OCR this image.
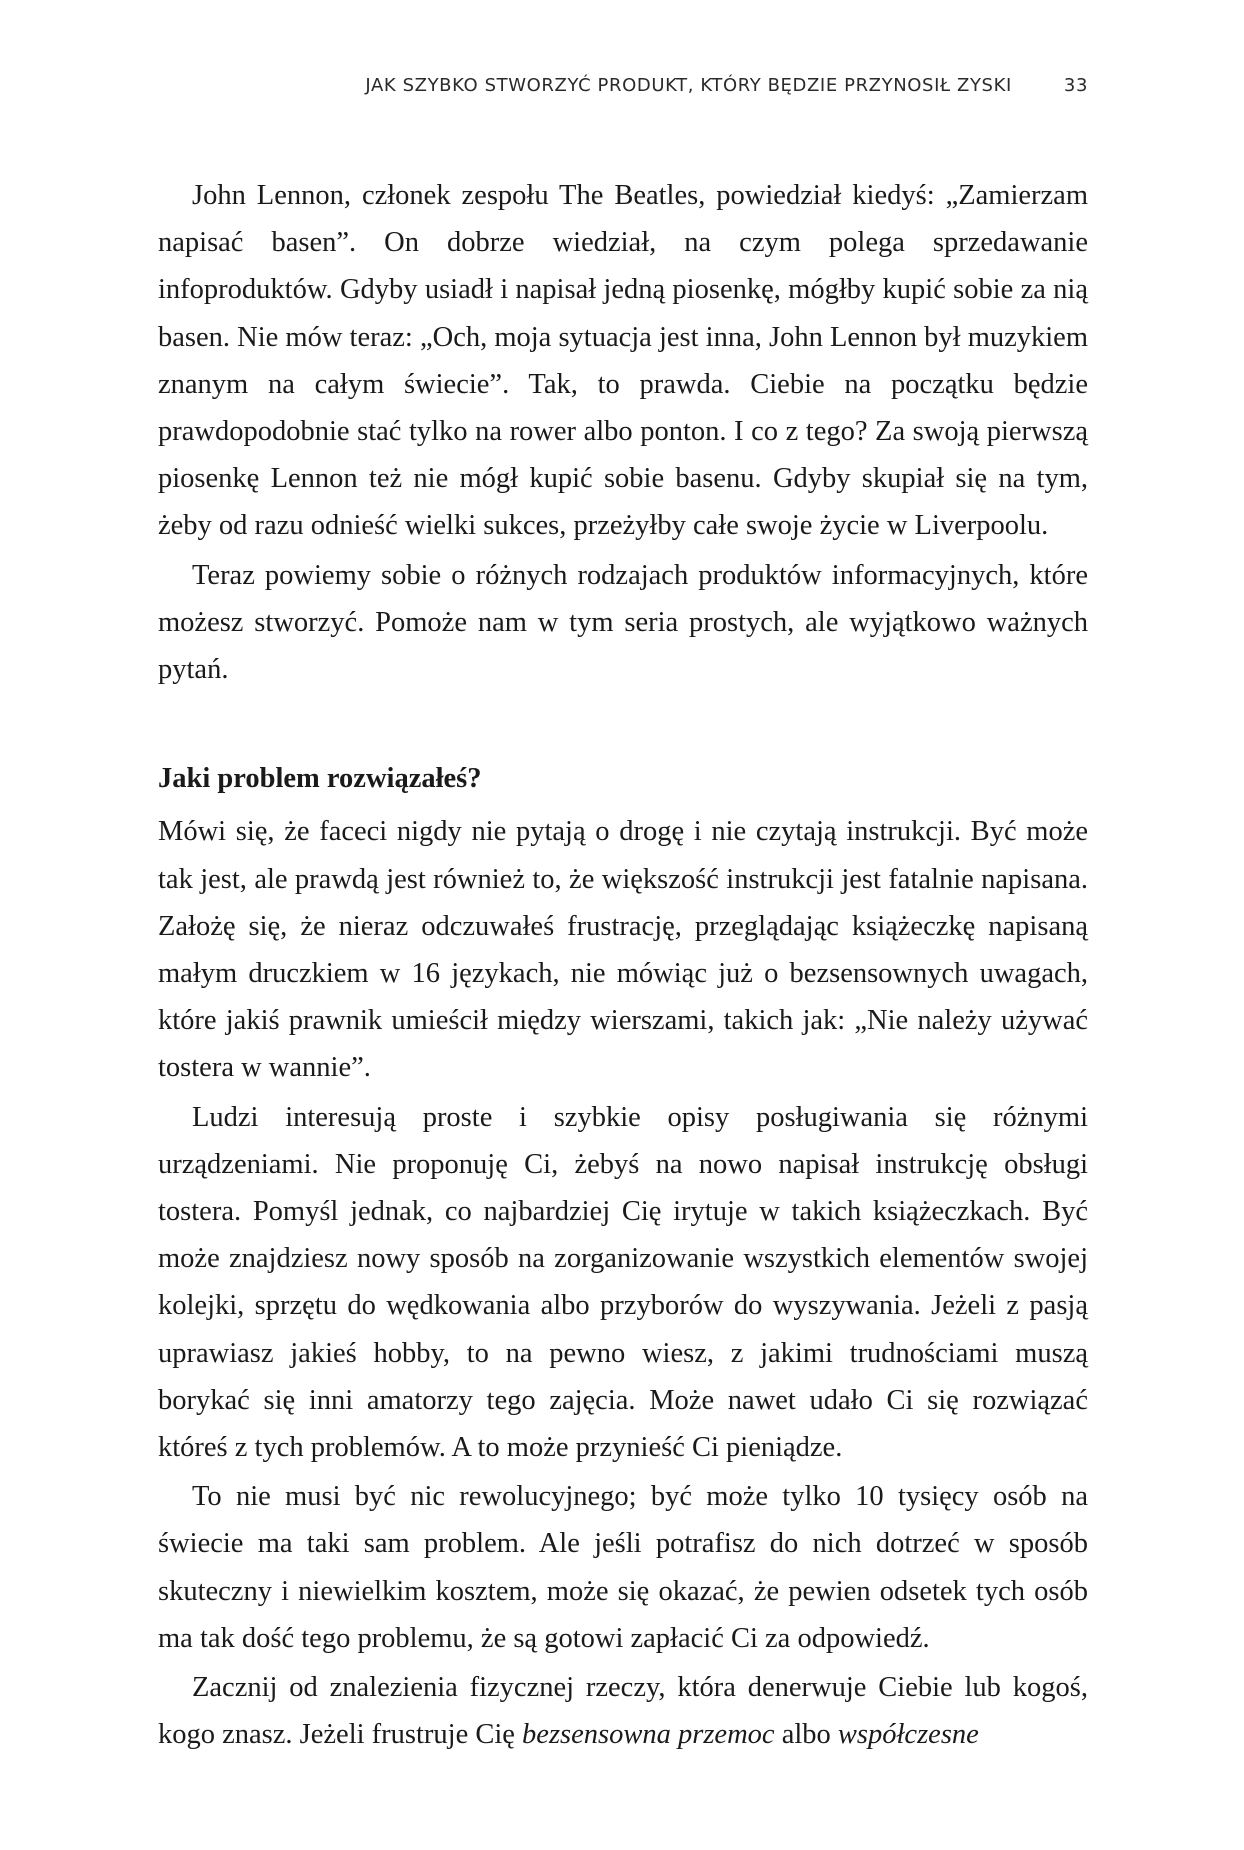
JAK SZYBKO STWORZYĆ PRODUKT, KTÓRY BĘDZIE PRZYNOSIŁ ZYSKI	33

John Lennon, członek zespołu The Beatles, powiedział kiedyś: „Zamierzam napisać basen”. On dobrze wiedział, na czym polega sprzedawanie infoproduktów. Gdyby usiadł i napisał jedną piosenkę, mógłby kupić sobie za nią basen. Nie mów teraz: „Och, moja sytuacja jest inna, John Lennon był muzykiem znanym na całym świecie”. Tak, to prawda. Ciebie na początku będzie prawdopodobnie stać tylko na rower albo ponton. I co z tego? Za swoją pierwszą piosenkę Lennon też nie mógł kupić sobie basenu. Gdyby skupiał się na tym, żeby od razu odnieść wielki sukces, przeżyłby całe swoje życie w Liverpoolu.

Teraz powiemy sobie o różnych rodzajach produktów informacyjnych, które możesz stworzyć. Pomoże nam w tym seria prostych, ale wyjątkowo ważnych pytań.

Jaki problem rozwiązałeś?

Mówi się, że faceci nigdy nie pytają o drogę i nie czytają instrukcji. Być może tak jest, ale prawdą jest również to, że większość instrukcji jest fatalnie napisana. Założę się, że nieraz odczuwałeś frustrację, przeglądając książeczkę napisaną małym druczkiem w 16 językach, nie mówiąc już o bezsensownych uwagach, które jakiś prawnik umieścił między wierszami, takich jak: „Nie należy używać tostera w wannie”.

Ludzi interesują proste i szybkie opisy posługiwania się różnymi urządzeniami. Nie proponuję Ci, żebyś na nowo napisał instrukcję obsługi tostera. Pomyśl jednak, co najbardziej Cię irytuje w takich książeczkach. Być może znajdziesz nowy sposób na zorganizowanie wszystkich elementów swojej kolejki, sprzętu do wędkowania albo przyborów do wyszywania. Jeżeli z pasją uprawiasz jakieś hobby, to na pewno wiesz, z jakimi trudnościami muszą borykać się inni amatorzy tego zajęcia. Może nawet udało Ci się rozwiązać któreś z tych problemów. A to może przynieść Ci pieniądze.

To nie musi być nic rewolucyjnego; być może tylko 10 tysięcy osób na świecie ma taki sam problem. Ale jeśli potrafisz do nich dotrzeć w sposób skuteczny i niewielkim kosztem, może się okazać, że pewien odsetek tych osób ma tak dość tego problemu, że są gotowi zapłacić Ci za odpowiedź.

Zacznij od znalezienia fizycznej rzeczy, która denerwuje Ciebie lub kogoś, kogo znasz. Jeżeli frustruje Cię bezsensowna przemoc albo współczesne
